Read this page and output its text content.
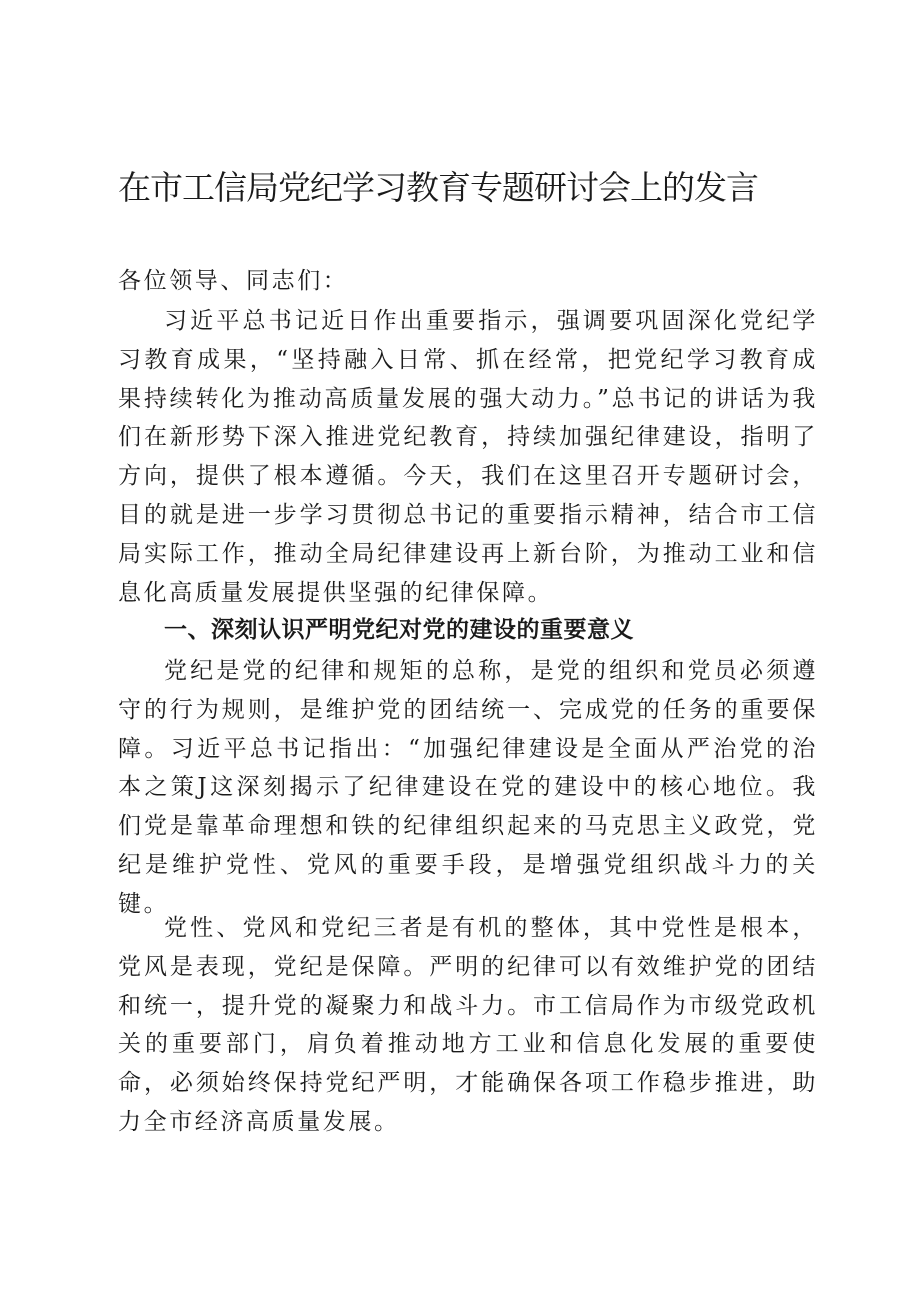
在市工信局党纪学习教育专题研讨会上的发言

各位领导、同志们：

习近平总书记近日作出重要指示，强调要巩固深化党纪学习教育成果，“坚持融入日常、抓在经常，把党纪学习教育成果持续转化为推动高质量发展的强大动力。”总书记的讲话为我们在新形势下深入推进党纪教育，持续加强纪律建设，指明了方向，提供了根本遵循。今天，我们在这里召开专题研讨会，目的就是进一步学习贯彻总书记的重要指示精神，结合市工信局实际工作，推动全局纪律建设再上新台阶，为推动工业和信息化高质量发展提供坚强的纪律保障。

一、深刻认识严明党纪对党的建设的重要意义

党纪是党的纪律和规矩的总称，是党的组织和党员必须遵守的行为规则，是维护党的团结统一、完成党的任务的重要保障。习近平总书记指出：“加强纪律建设是全面从严治党的治本之策J这深刻揭示了纪律建设在党的建设中的核心地位。我们党是靠革命理想和铁的纪律组织起来的马克思主义政党，党纪是维护党性、党风的重要手段，是增强党组织战斗力的关键。

党性、党风和党纪三者是有机的整体，其中党性是根本，党风是表现，党纪是保障。严明的纪律可以有效维护党的团结和统一，提升党的凝聚力和战斗力。市工信局作为市级党政机关的重要部门，肩负着推动地方工业和信息化发展的重要使命，必须始终保持党纪严明，才能确保各项工作稳步推进，助力全市经济高质量发展。
